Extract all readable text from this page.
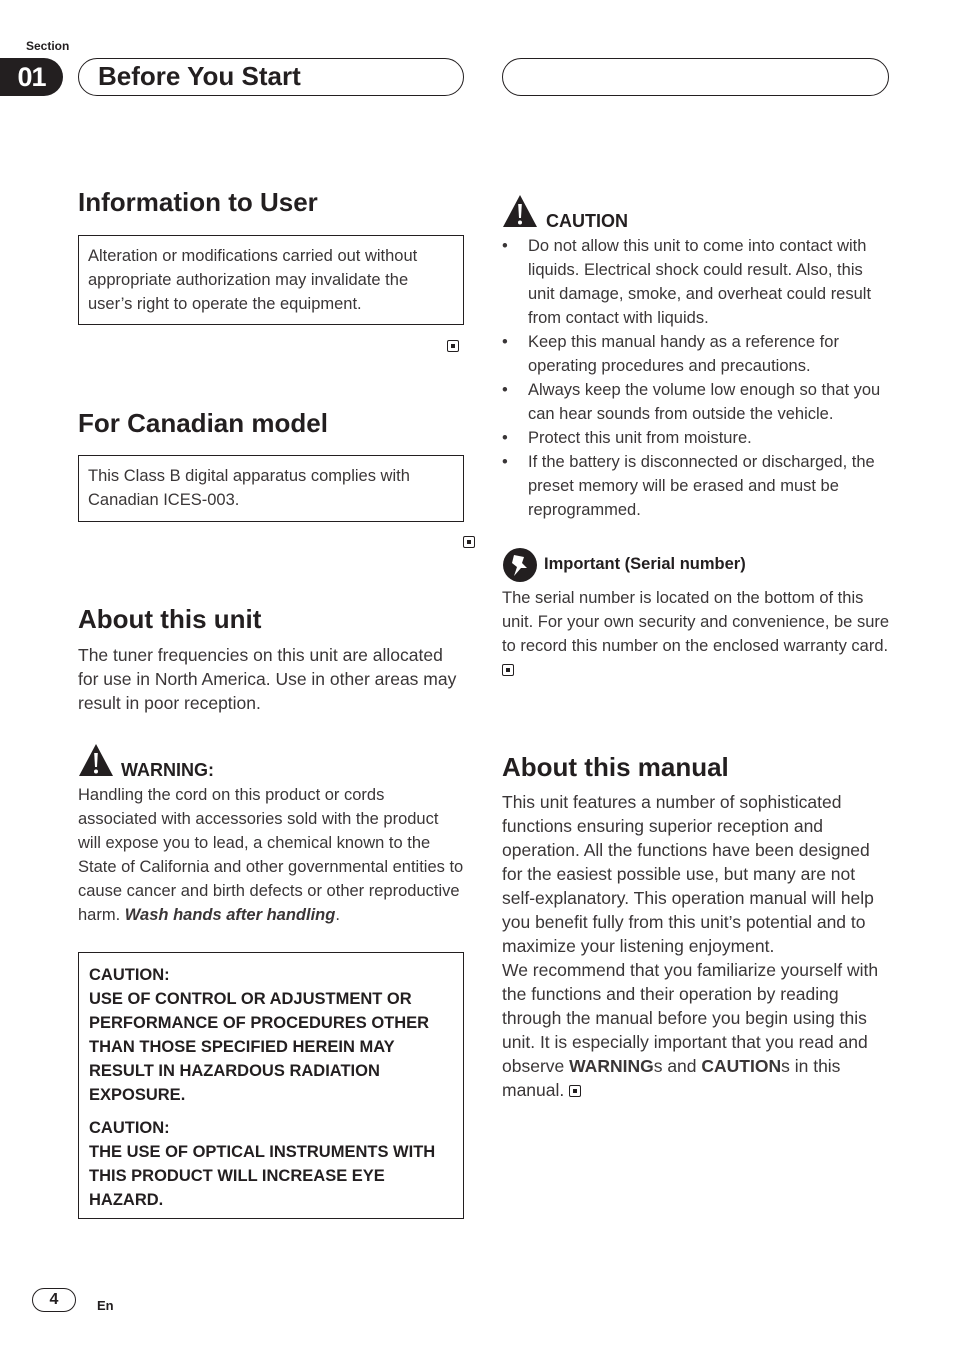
Section
01	Before You Start
Information to User
Alteration or modifications carried out without appropriate authorization may invalidate the user’s right to operate the equipment.

For Canadian model
This Class B digital apparatus complies with Canadian ICES-003.
About this unit
The tuner frequencies on this unit are allocated for use in North America. Use in other areas may result in poor reception.
WARNING:
Handling the cord on this product or cords associated with accessories sold with the product will expose you to lead, a chemical known to the State of California and other governmental entities to cause cancer and birth defects or other reproductive harm. Wash hands after handling.

CAUTION:
USE OF CONTROL OR ADJUSTMENT OR PERFORMANCE OF PROCEDURES OTHER THAN THOSE SPECIFIED HEREIN MAY RESULT IN HAZARDOUS RADIATION EXPOSURE.

CAUTION:
THE USE OF OPTICAL INSTRUMENTS WITH THIS PRODUCT WILL INCREASE EYE HAZARD.

CAUTION
• Do not allow this unit to come into contact with liquids. Electrical shock could result. Also, this unit damage, smoke, and overheat could result from contact with liquids.
• Keep this manual handy as a reference for operating procedures and precautions.
• Always keep the volume low enough so that you can hear sounds from outside the vehicle.
• Protect this unit from moisture.
• If the battery is disconnected or discharged, the preset memory will be erased and must be reprogrammed.
Important (Serial number)
The serial number is located on the bottom of this unit. For your own security and convenience, be sure to record this number on the enclosed warranty card.
About this manual
This unit features a number of sophisticated functions ensuring superior reception and operation. All the functions have been designed for the easiest possible use, but many are not self-explanatory. This operation manual will help you benefit fully from this unit’s potential and to maximize your listening enjoyment.
We recommend that you familiarize yourself with the functions and their operation by reading through the manual before you begin using this unit. It is especially important that you read and observe WARNINGs and CAUTIONs in this manual.
4	En
